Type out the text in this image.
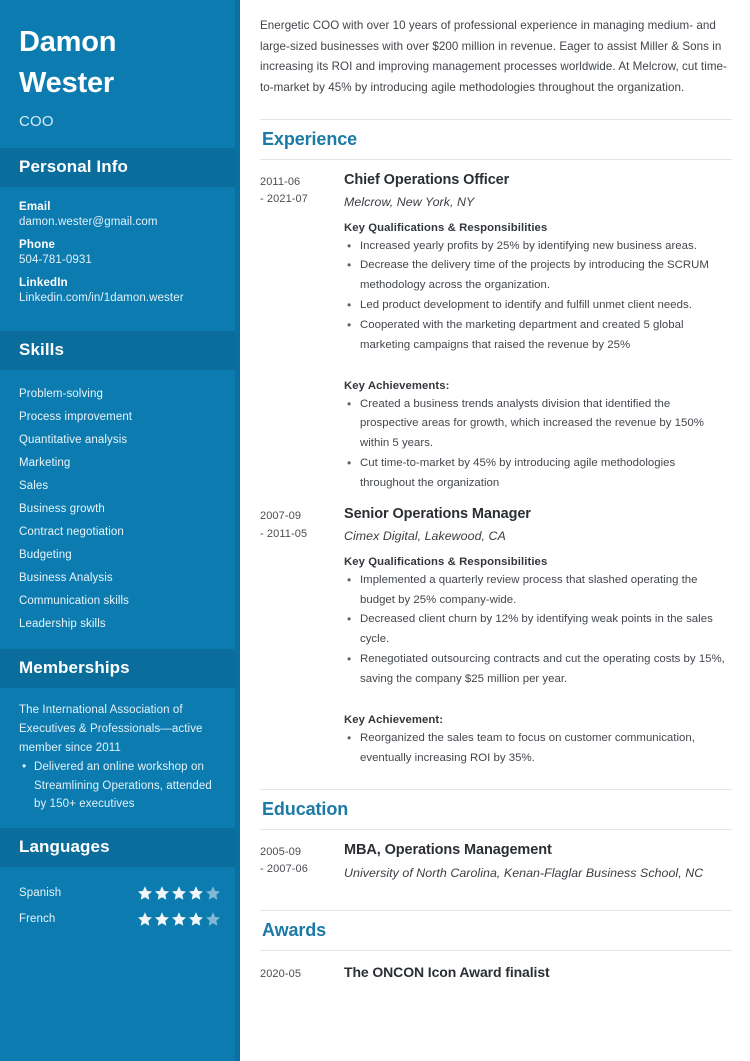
Damon
Wester
COO
Personal Info
Email
damon.wester@gmail.com
Phone
504-781-0931
LinkedIn
Linkedin.com/in/1damon.wester
Skills
Problem-solving
Process improvement
Quantitative analysis
Marketing
Sales
Business growth
Contract negotiation
Budgeting
Business Analysis
Communication skills
Leadership skills
Memberships
The International Association of Executives & Professionals—active member since 2011
• Delivered an online workshop on Streamlining Operations, attended by 150+ executives
Languages
Spanish
French

Energetic COO with over 10 years of professional experience in managing medium- and large-sized businesses with over $200 million in revenue. Eager to assist Miller & Sons in increasing its ROI and improving management processes worldwide. At Melcrow, cut time-to-market by 45% by introducing agile methodologies throughout the organization.

Experience
2011-06
- 2021-07
Chief Operations Officer
Melcrow, New York, NY
Key Qualifications & Responsibilities
• Increased yearly profits by 25% by identifying new business areas.
• Decrease the delivery time of the projects by introducing the SCRUM methodology across the organization.
• Led product development to identify and fulfill unmet client needs.
• Cooperated with the marketing department and created 5 global marketing campaigns that raised the revenue by 25%
Key Achievements:
• Created a business trends analysts division that identified the prospective areas for growth, which increased the revenue by 150% within 5 years.
• Cut time-to-market by 45% by introducing agile methodologies throughout the organization
2007-09
- 2011-05
Senior Operations Manager
Cimex Digital, Lakewood, CA
Key Qualifications & Responsibilities
• Implemented a quarterly review process that slashed operating the budget by 25% company-wide.
• Decreased client churn by 12% by identifying weak points in the sales cycle.
• Renegotiated outsourcing contracts and cut the operating costs by 15%, saving the company $25 million per year.
Key Achievement:
• Reorganized the sales team to focus on customer communication, eventually increasing ROI by 35%.
Education
2005-09
- 2007-06
MBA, Operations Management
University of North Carolina, Kenan-Flaglar Business School, NC
Awards
2020-05	The ONCON Icon Award finalist
